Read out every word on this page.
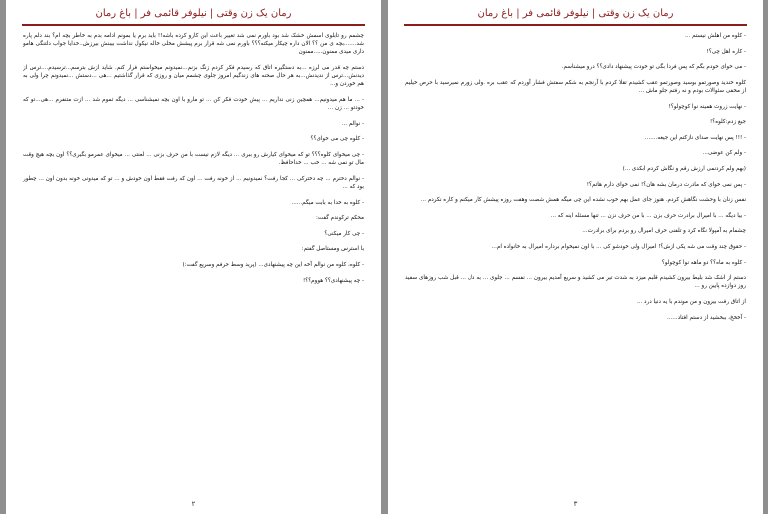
رمان یک زن وقتی | نیلوفر قائمی فر | باغ رمان

چشمم رو تابلوی اسمش خشک شد بود باورم نمی شد تغییر باعث این کارو کرده باشه!! باید برم یا بمونم ادامه بدم به خاطر بچه ام؟ بند دلم پاره شد.......بچه ی من ؟؟ الان داره چیکار میکنه؟؟؟ باورم نمی شه قرار برم پیشش مخلی خاله نیکول نداشت بیبنش بیرزش..خدایا جواب دلتنگی هامو داری میدی ممنون.....ممنون

دستم چه قدر می لرزه ...به دستگیره اتاق که رسیدم فکر کردم زنگ بزنم...نمیدونم میخواستم فرار کنم. شاید ازش بترسم...ترسیدم....ترس از دیدنش...ترس از ندیدنش...به هر حال صحنه های زندگیم امروز جلوی چشمم میان و روزی که قرار گذاشتیم ...هی ...دستش ...نمیدونم چرا ولی به هم خوردن و...

- ... ما هم میدونیم... همچین زنی نداریم ... پیش خودت فکر کن ... تو مارو با اون بچه نمیشناسی ... دیگه تموم شد ... ازت متنفرم ...هی...تو که خودتو ... زن ...

- نوالم ...

- کلوه چی می خوای؟؟

- چی میخوای کلوه؟؟؟ تو که میخوای کیارش رو ببری ... دیگه لازم نیست با من حرف بزنی ... لعنتی ... میخوای عمرمو بگیری؟؟ اون بچه هیچ وقت مال تو نمی شه ... خب ... خداحافظ.

- نوالم دخترم ... چه دخترکی ... کجا رفت؟ نمیدونیم ... از خونه رفت ... اون که رفت فقط اون خودش و ... تو که میدونی خونه بدون اون ... چطور بود که ...

- کلوه به خدا به بابت میگم......

محکم ترکوندم گفت:

- چی کار میکنی؟

با استرس ومستاصل گفتم:

- کلوه، کلوه من نوالم آخه این چه پیشنهادی... (پرید وسط حرفم وسریع گفت:)

- چه پیشنهادی؟؟ هووم؟؟!

۲
رمان یک زن وقتی | نیلوفر قائمی فر | باغ رمان

- کلوه من اهلش نیستم ...

- کاره اهل چی؟!

- می خوای خودم بگم که پس فردا بگی تو خودت پیشنهاد دادی؟؟ درو میشناسم.

کلوه خندید وصورتمو بوسید وصورتمو عقب کشیدم تقلا کردم با آرنجم به شکم سفتش فشار آوردم که عقب بره .ولی زورم نمیرسید با حرص خیلیم از مخفی سئوالات بودم و نه رفتم جلو ماش ...

- نهایت زروت همینه نوا کوچولو؟!

جیغ زدم:کلوه؟!

- !!! پس نهایت صدای نازکتم این جیغه.......

- ولم کن عوضی...

(بهم ولم کردنمی ارزش رقم و نگاش کردم ابکدی ...)

- پس نمی خوای که مادرت درمان بشه هان؟! نمی خوای دارم هاتم؟!

نفس زنان با وحشت نگاهش کردم. هنوز جای عمل بهم خوب نشده این چی میگه همش شصت وهفت روزه پیشش کار میکنم و کاره نکردم ...

- بیا دیگه ... با امیرال برادرت حرف بزن ... با من حرف نزن ... تنها مسئله اینه که ...

چشمام به آمپولا نگاه کرد و تلفنی حرف امیرال رو بردم برای برادرت...

- حقوق چند وقت می شه یکی ازش؟! امیرال ولی خودشو کی ... با اون نمیخوام برداره امیرال به خانواده ام...

- کلوه به ماه؟؟ دو ماهه نوا کوچولو؟

دستم از اشک شد بلیط بیرون کشیدم قلبم میزد به شدت تیر می کشید و سریع آمدیم بیرون ... نفسم ... جلوی ... به دل ... قبل شب روزهای سفید روز دوازده پایین رو ...

از اتاق رفت بیرون و من موندم با یه دنیا درد ...

- آخخخ، ببخشید از دستم افتاد......

۳
